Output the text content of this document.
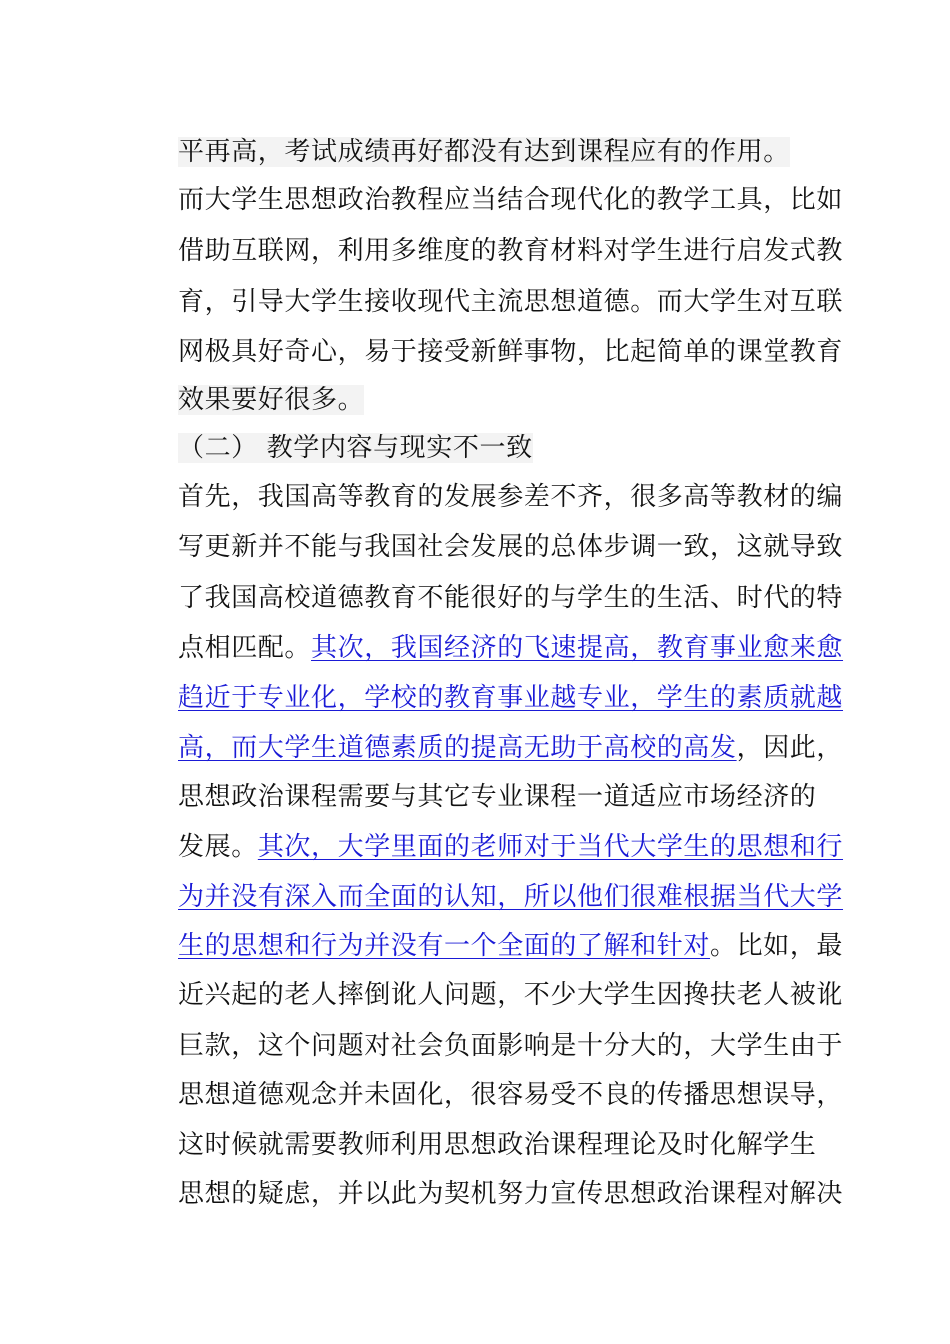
平再高，考试成绩再好都没有达到课程应有的作用。
而大学生思想政治教程应当结合现代化的教学工具，比如
借助互联网，利用多维度的教育材料对学生进行启发式教
育，引导大学生接收现代主流思想道德。而大学生对互联
网极具好奇心，易于接受新鲜事物，比起简单的课堂教育
效果要好很多。
（二） 教学内容与现实不一致
首先，我国高等教育的发展参差不齐，很多高等教材的编
写更新并不能与我国社会发展的总体步调一致，这就导致
了我国高校道德教育不能很好的与学生的生活、时代的特
点相匹配。其次，我国经济的飞速提高，教育事业愈来愈
趋近于专业化，学校的教育事业越专业，学生的素质就越
高，而大学生道德素质的提高无助于高校的高发，因此，
思想政治课程需要与其它专业课程一道适应市场经济的
发展。其次，大学里面的老师对于当代大学生的思想和行
为并没有深入而全面的认知，所以他们很难根据当代大学
生的思想和行为并没有一个全面的了解和针对。比如，最
近兴起的老人摔倒讹人问题，不少大学生因搀扶老人被讹
巨款，这个问题对社会负面影响是十分大的，大学生由于
思想道德观念并未固化，很容易受不良的传播思想误导，
这时候就需要教师利用思想政治课程理论及时化解学生
思想的疑虑，并以此为契机努力宣传思想政治课程对解决
